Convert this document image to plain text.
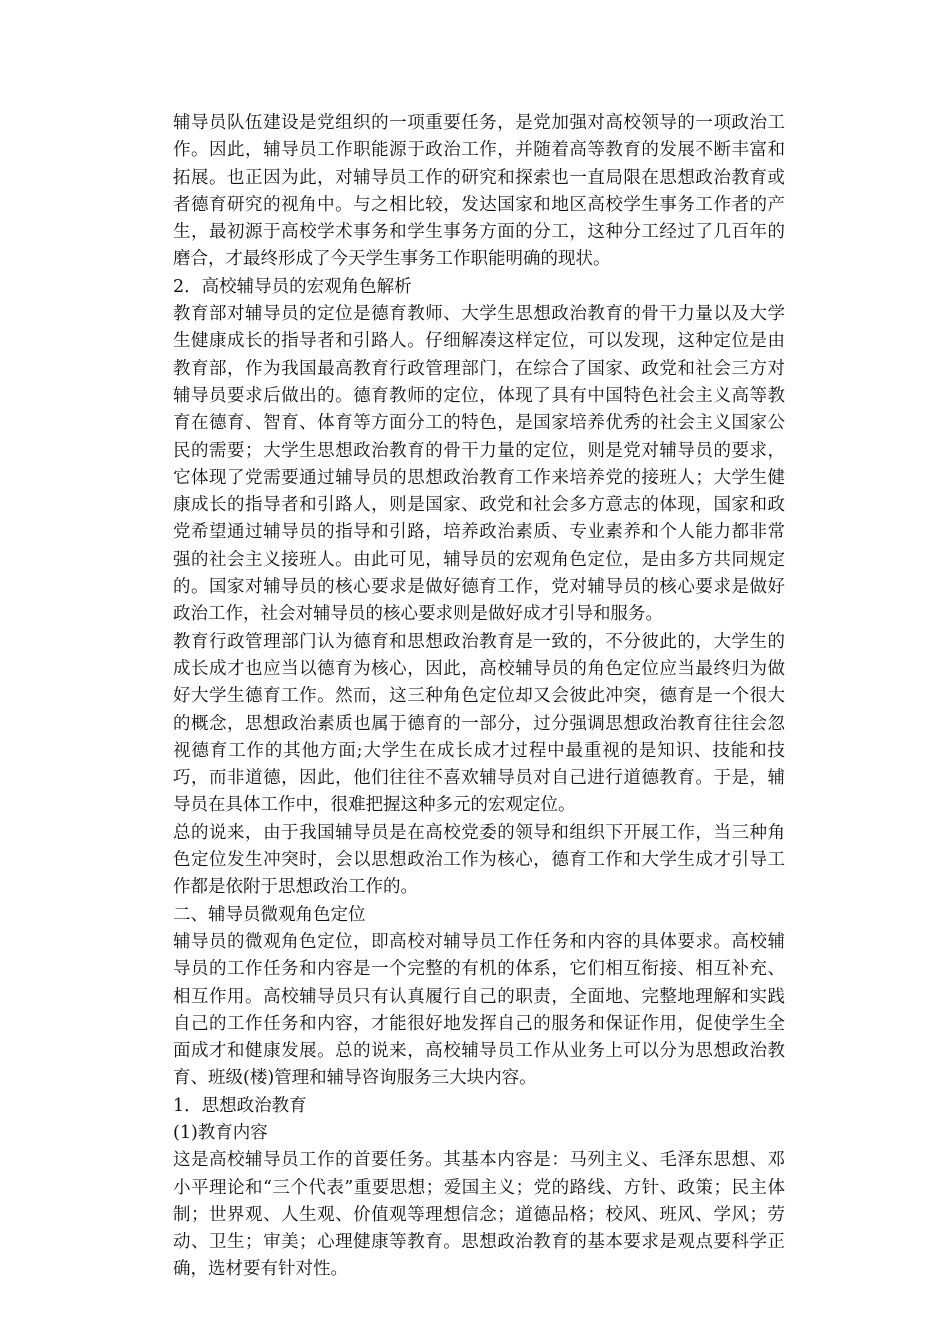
辅导员队伍建设是党组织的一项重要任务，是党加强对高校领导的一项政治工作。因此，辅导员工作职能源于政治工作，并随着高等教育的发展不断丰富和拓展。也正因为此，对辅导员工作的研究和探索也一直局限在思想政治教育或者德育研究的视角中。与之相比较，发达国家和地区高校学生事务工作者的产生，最初源于高校学术事务和学生事务方面的分工，这种分工经过了几百年的磨合，才最终形成了今天学生事务工作职能明确的现状。

2．高校辅导员的宏观角色解析

教育部对辅导员的定位是德育教师、大学生思想政治教育的骨干力量以及大学生健康成长的指导者和引路人。仔细解凑这样定位，可以发现，这种定位是由教育部，作为我国最高教育行政管理部门，在综合了国家、政党和社会三方对辅导员要求后做出的。德育教师的定位，体现了具有中国特色社会主义高等教育在德育、智育、体育等方面分工的特色，是国家培养优秀的社会主义国家公民的需要；大学生思想政治教育的骨干力量的定位，则是党对辅导员的要求，它体现了党需要通过辅导员的思想政治教育工作来培养党的接班人；大学生健康成长的指导者和引路人，则是国家、政党和社会多方意志的体现，国家和政党希望通过辅导员的指导和引路，培养政治素质、专业素养和个人能力都非常强的社会主义接班人。由此可见，辅导员的宏观角色定位，是由多方共同规定的。国家对辅导员的核心要求是做好德育工作，党对辅导员的核心要求是做好政治工作，社会对辅导员的核心要求则是做好成才引导和服务。

教育行政管理部门认为德育和思想政治教育是一致的，不分彼此的，大学生的成长成才也应当以德育为核心，因此，高校辅导员的角色定位应当最终归为做好大学生德育工作。然而，这三种角色定位却又会彼此冲突，德育是一个很大的概念，思想政治素质也属于德育的一部分，过分强调思想政治教育往往会忽视德育工作的其他方面;大学生在成长成才过程中最重视的是知识、技能和技巧，而非道德，因此，他们往往不喜欢辅导员对自己进行道德教育。于是，辅导员在具体工作中，很难把握这种多元的宏观定位。

总的说来，由于我国辅导员是在高校党委的领导和组织下开展工作，当三种角色定位发生冲突时，会以思想政治工作为核心，德育工作和大学生成才引导工作都是依附于思想政治工作的。

二、辅导员微观角色定位

辅导员的微观角色定位，即高校对辅导员工作任务和内容的具体要求。高校辅导员的工作任务和内容是一个完整的有机的体系，它们相互衔接、相互补充、相互作用。高校辅导员只有认真履行自己的职责，全面地、完整地理解和实践自己的工作任务和内容，才能很好地发挥自己的服务和保证作用，促使学生全面成才和健康发展。总的说来，高校辅导员工作从业务上可以分为思想政治教育、班级(楼)管理和辅导咨询服务三大块内容。

1．思想政治教育

(1)教育内容

这是高校辅导员工作的首要任务。其基本内容是：马列主义、毛泽东思想、邓小平理论和“三个代表”重要思想；爱国主义；党的路线、方针、政策；民主体制；世界观、人生观、价值观等理想信念；道德品格；校风、班风、学风；劳动、卫生；审美；心理健康等教育。思想政治教育的基本要求是观点要科学正确，选材要有针对性。
